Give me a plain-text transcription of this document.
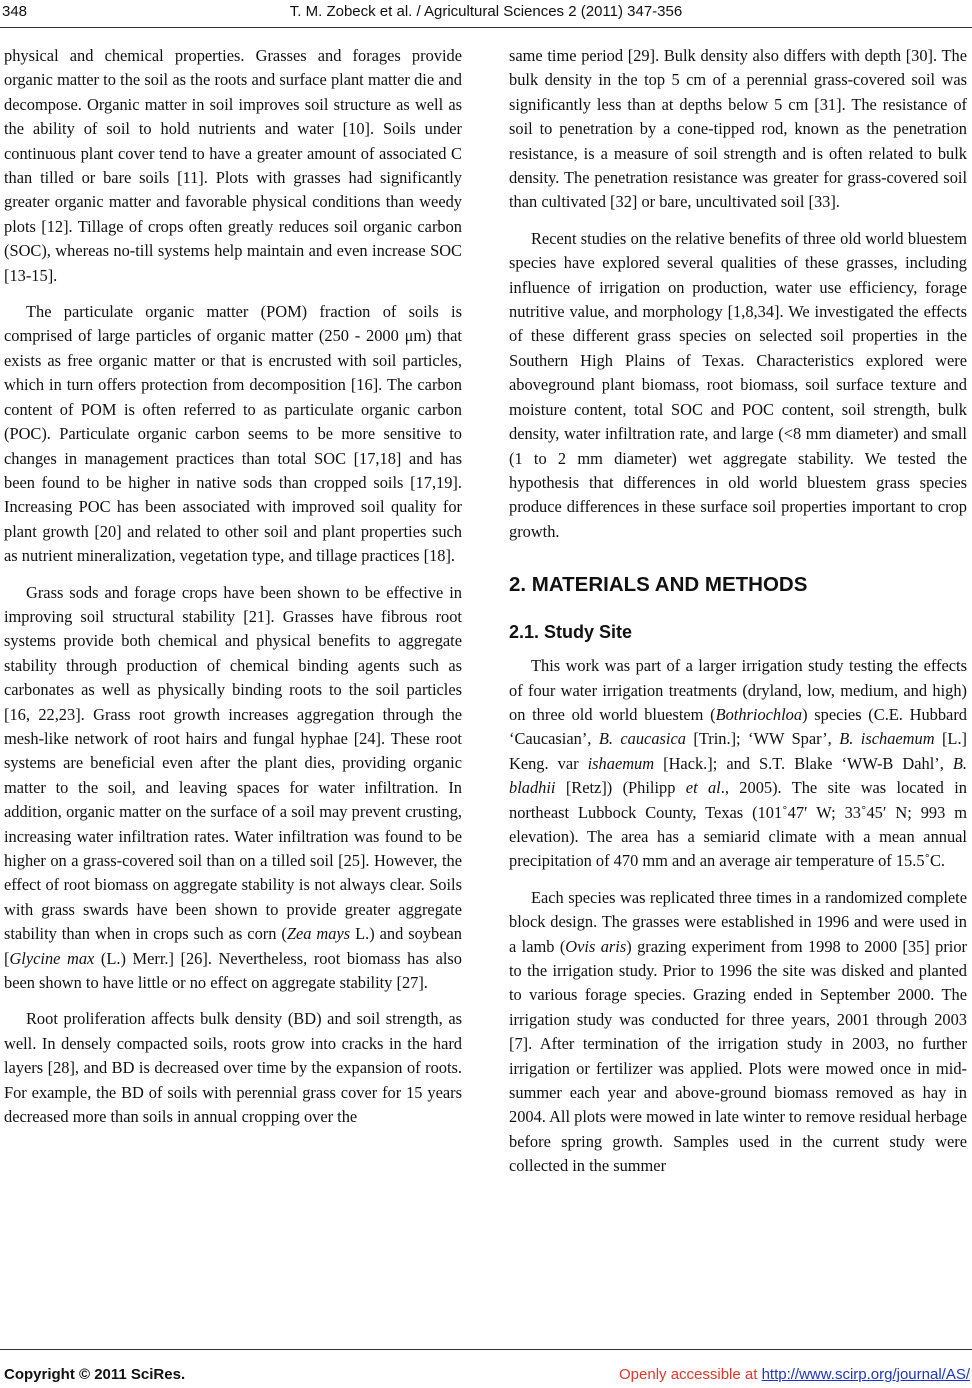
348	T. M. Zobeck et al. / Agricultural Sciences 2 (2011) 347-356

physical and chemical properties. Grasses and forages provide organic matter to the soil as the roots and surface plant matter die and decompose. Organic matter in soil improves soil structure as well as the ability of soil to hold nutrients and water [10]. Soils under continuous plant cover tend to have a greater amount of associated C than tilled or bare soils [11]. Plots with grasses had significantly greater organic matter and favorable physical conditions than weedy plots [12]. Tillage of crops often greatly reduces soil organic carbon (SOC), whereas no-till systems help maintain and even increase SOC [13-15].

The particulate organic matter (POM) fraction of soils is comprised of large particles of organic matter (250 - 2000 μm) that exists as free organic matter or that is encrusted with soil particles, which in turn offers protection from decomposition [16]. The carbon content of POM is often referred to as particulate organic carbon (POC). Particulate organic carbon seems to be more sensitive to changes in management practices than total SOC [17,18] and has been found to be higher in native sods than cropped soils [17,19]. Increasing POC has been associated with improved soil quality for plant growth [20] and related to other soil and plant properties such as nutrient mineralization, vegetation type, and tillage practices [18].

Grass sods and forage crops have been shown to be effective in improving soil structural stability [21]. Grasses have fibrous root systems provide both chemical and physical benefits to aggregate stability through production of chemical binding agents such as carbonates as well as physically binding roots to the soil particles [16, 22,23]. Grass root growth increases aggregation through the mesh-like network of root hairs and fungal hyphae [24]. These root systems are beneficial even after the plant dies, providing organic matter to the soil, and leaving spaces for water infiltration. In addition, organic matter on the surface of a soil may prevent crusting, increasing water infiltration rates. Water infiltration was found to be higher on a grass-covered soil than on a tilled soil [25]. However, the effect of root biomass on aggregate stability is not always clear. Soils with grass swards have been shown to provide greater aggregate stability than when in crops such as corn (Zea mays L.) and soybean [Glycine max (L.) Merr.] [26]. Nevertheless, root biomass has also been shown to have little or no effect on aggregate stability [27].

Root proliferation affects bulk density (BD) and soil strength, as well. In densely compacted soils, roots grow into cracks in the hard layers [28], and BD is decreased over time by the expansion of roots. For example, the BD of soils with perennial grass cover for 15 years decreased more than soils in annual cropping over the

same time period [29]. Bulk density also differs with depth [30]. The bulk density in the top 5 cm of a perennial grass-covered soil was significantly less than at depths below 5 cm [31]. The resistance of soil to penetration by a cone-tipped rod, known as the penetration resistance, is a measure of soil strength and is often related to bulk density. The penetration resistance was greater for grass-covered soil than cultivated [32] or bare, uncultivated soil [33].

Recent studies on the relative benefits of three old world bluestem species have explored several qualities of these grasses, including influence of irrigation on production, water use efficiency, forage nutritive value, and morphology [1,8,34]. We investigated the effects of these different grass species on selected soil properties in the Southern High Plains of Texas. Characteristics explored were aboveground plant biomass, root biomass, soil surface texture and moisture content, total SOC and POC content, soil strength, bulk density, water infiltration rate, and large (<8 mm diameter) and small (1 to 2 mm diameter) wet aggregate stability. We tested the hypothesis that differences in old world bluestem grass species produce differences in these surface soil properties important to crop growth.

2. MATERIALS AND METHODS
2.1. Study Site

This work was part of a larger irrigation study testing the effects of four water irrigation treatments (dryland, low, medium, and high) on three old world bluestem (Bothriochloa) species (C.E. Hubbard ‘Caucasian’, B. caucasica [Trin.]; ‘WW Spar’, B. ischaemum [L.] Keng. var ishaemum [Hack.]; and S.T. Blake ‘WW-B Dahl’, B. bladhii [Retz]) (Philipp et al., 2005). The site was located in northeast Lubbock County, Texas (101˚47′ W; 33˚45′ N; 993 m elevation). The area has a semiarid climate with a mean annual precipitation of 470 mm and an average air temperature of 15.5˚C.

Each species was replicated three times in a randomized complete block design. The grasses were established in 1996 and were used in a lamb (Ovis aris) grazing experiment from 1998 to 2000 [35] prior to the irrigation study. Prior to 1996 the site was disked and planted to various forage species. Grazing ended in September 2000. The irrigation study was conducted for three years, 2001 through 2003 [7]. After termination of the irrigation study in 2003, no further irrigation or fertilizer was applied. Plots were mowed once in mid-summer each year and above-ground biomass removed as hay in 2004. All plots were mowed in late winter to remove residual herbage before spring growth. Samples used in the current study were collected in the summer

Copyright © 2011 SciRes.	Openly accessible at http://www.scirp.org/journal/AS/
